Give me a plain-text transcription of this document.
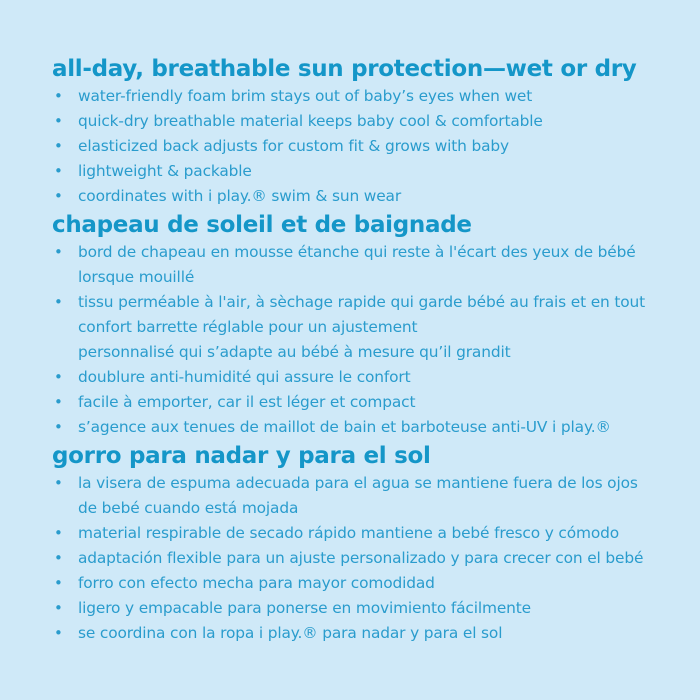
all-day, breathable sun protection—wet or dry
• water-friendly foam brim stays out of baby’s eyes when wet
• quick-dry breathable material keeps baby cool & comfortable
• elasticized back adjusts for custom fit & grows with baby
• lightweight & packable
• coordinates with i play.® swim & sun wear
chapeau de soleil et de baignade
• bord de chapeau en mousse étanche qui reste à l'écart des yeux de bébé
lorsque mouillé
• tissu perméable à l'air, à sèchage rapide qui garde bébé au frais et en tout
confort barrette réglable pour un ajustement
personnalisé qui s’adapte au bébé à mesure qu’il grandit
• doublure anti-humidité qui assure le confort
• facile à emporter, car il est léger et compact
• s’agence aux tenues de maillot de bain et barboteuse anti-UV i play.®
gorro para nadar y para el sol
• la visera de espuma adecuada para el agua se mantiene fuera de los ojos
de bebé cuando está mojada
• material respirable de secado rápido mantiene a bebé fresco y cómodo
• adaptación flexible para un ajuste personalizado y para crecer con el bebé
• forro con efecto mecha para mayor comodidad
• ligero y empacable para ponerse en movimiento fácilmente
• se coordina con la ropa i play.® para nadar y para el sol
